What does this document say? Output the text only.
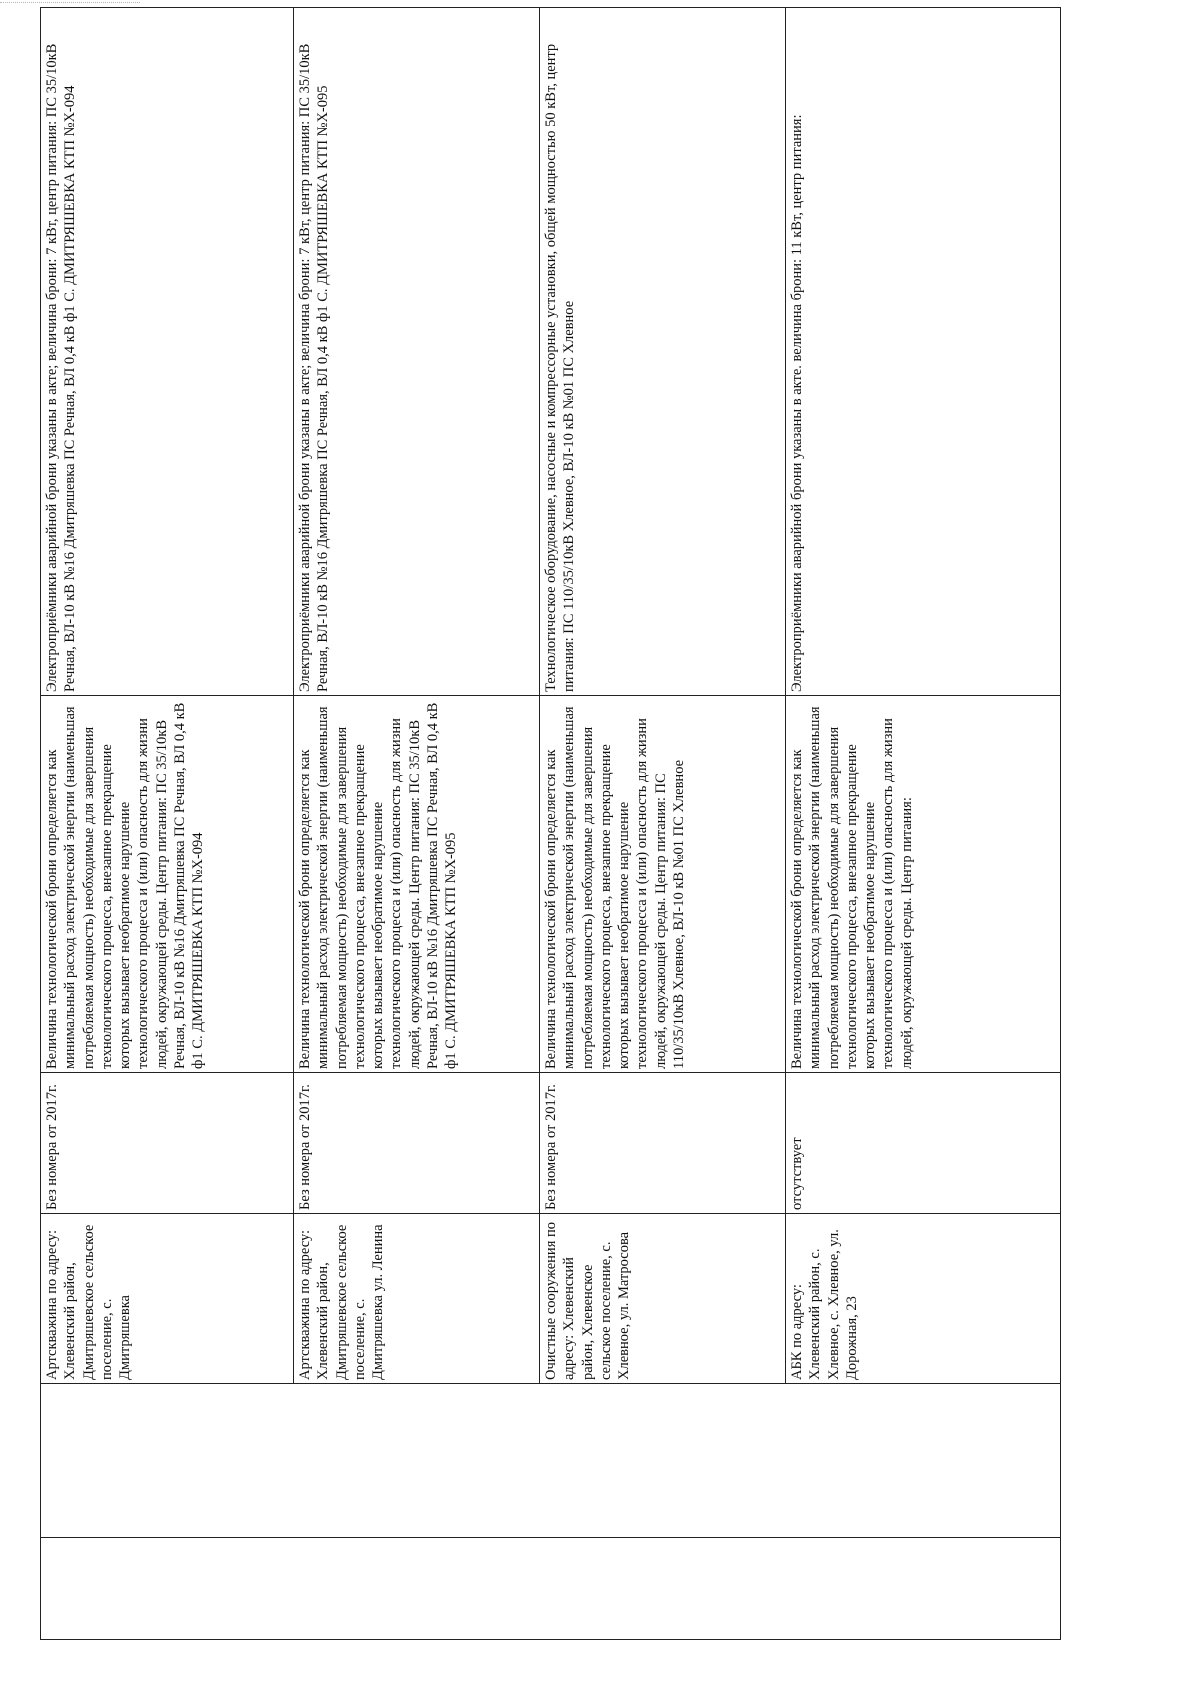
		Артскважина по адресу: Хлевенский район, Дмитряшевское сельское поселение, с. Дмитряшевка	Без номера от 2017г.	Величина технологической брони определяется как минимальный расход электрической энергии (наименьшая потребляемая мощность) необходимые для завершения технологического процесса, внезапное прекращение которых вызывает необратимое нарушение технологического процесса и (или) опасность для жизни людей, окружающей среды. Центр питания: ПС 35/10кВ Речная, ВЛ-10 кВ №16 Дмитряшевка ПС Речная, ВЛ 0,4 кВ ф1 С. ДМИТРЯШЕВКА КТП №Х-094	Электроприёмники аварийной брони указаны в акте; величина брони: 7 кВт, центр питания: ПС 35/10кВ Речная, ВЛ-10 кВ №16 Дмитряшевка ПС Речная, ВЛ 0,4 кВ ф1 С. ДМИТРЯШЕВКА КТП №Х-094
		Артскважина по адресу: Хлевенский район, Дмитряшевское сельское поселение, с. Дмитряшевка ул. Ленина	Без номера от 2017г.	Величина технологической брони определяется как минимальный расход электрической энергии (наименьшая потребляемая мощность) необходимые для завершения технологического процесса, внезапное прекращение которых вызывает необратимое нарушение технологического процесса и (или) опасность для жизни людей, окружающей среды. Центр питания: ПС 35/10кВ Речная, ВЛ-10 кВ №16 Дмитряшевка ПС Речная, ВЛ 0,4 кВ ф1 С. ДМИТРЯШЕВКА КТП №Х-095	Электроприёмники аварийной брони указаны в акте; величина брони: 7 кВт, центр питания: ПС 35/10кВ Речная, ВЛ-10 кВ №16 Дмитряшевка ПС Речная, ВЛ 0,4 кВ ф1 С. ДМИТРЯШЕВКА КТП №Х-095
		Очистные сооружения по адресу: Хлевенский район, Хлевенское сельское поселение, с. Хлевное, ул. Матросова	Без номера от 2017г.	Величина технологической брони определяется как минимальный расход электрической энергии (наименьшая потребляемая мощность) необходимые для завершения технологического процесса, внезапное прекращение которых вызывает необратимое нарушение технологического процесса и (или) опасность для жизни людей, окружающей среды. Центр питания: ПС 110/35/10кВ Хлевное, ВЛ-10 кВ №01 ПС Хлевное	Технологическое оборудование, насосные и компрессорные установки, общей мощностью 50 кВт, центр питания: ПС 110/35/10кВ Хлевное, ВЛ-10 кВ №01 ПС Хлевное
		АБК по адресу: Хлевенский район, с. Хлевное, с. Хлевное, ул. Дорожная, 23	отсутствует	Величина технологической брони определяется как минимальный расход электрической энергии (наименьшая потребляемая мощность) необходимые для завершения технологического процесса, внезапное прекращение которых вызывает необратимое нарушение технологического процесса и (или) опасность для жизни людей, окружающей среды. Центр питания:	Электроприёмники аварийной брони указаны в акте. величина брони: 11 кВт, центр питания:
